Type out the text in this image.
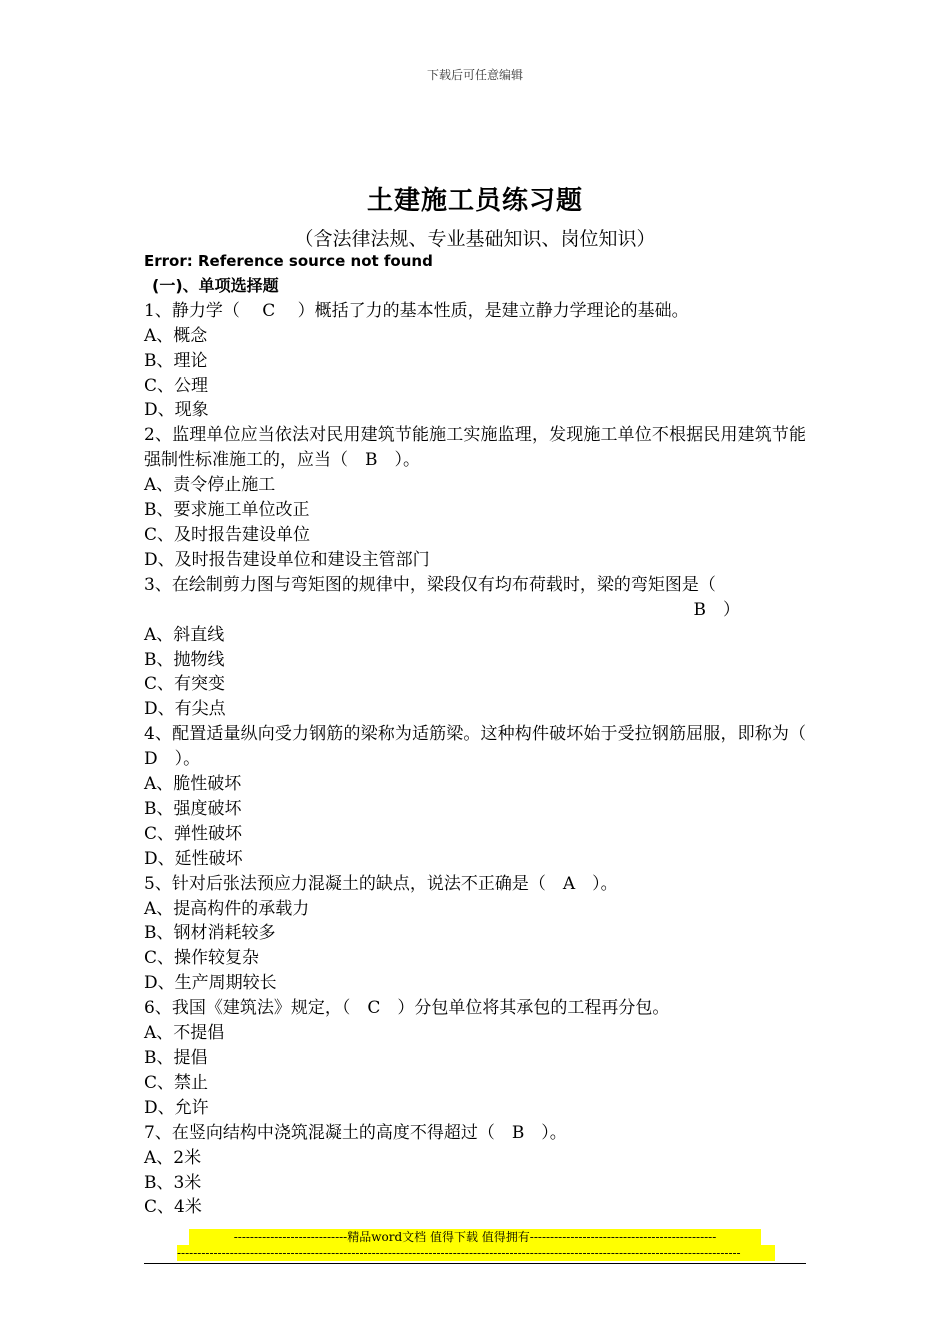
下载后可任意编辑
土建施工员练习题
（含法律法规、专业基础知识、岗位知识）
Error: Reference source not found
(一)、单项选择题
1、静力学（　 C　 ）概括了力的基本性质，是建立静力学理论的基础。
A、概念
B、理论
C、公理
D、现象
2、监理单位应当依法对民用建筑节能施工实施监理，发现施工单位不根据民用建筑节能强制性标准施工的，应当（　B　）。
A、责令停止施工
B、要求施工单位改正
C、及时报告建设单位
D、及时报告建设单位和建设主管部门
3、在绘制剪力图与弯矩图的规律中，梁段仅有均布荷载时，梁的弯矩图是（
B　）
A、斜直线
B、抛物线
C、有突变
D、有尖点
4、配置适量纵向受力钢筋的梁称为适筋梁。这种构件破坏始于受拉钢筋屈服，即称为（　D　）。
A、脆性破坏
B、强度破坏
C、弹性破坏
D、延性破坏
5、针对后张法预应力混凝土的缺点，说法不正确是（　A　）。
A、提高构件的承载力
B、钢材消耗较多
C、操作较复杂
D、生产周期较长
6、我国《建筑法》规定，（　C　）分包单位将其承包的工程再分包。
A、不提倡
B、提倡
C、禁止
D、允许
7、在竖向结构中浇筑混凝土的高度不得超过（　B　）。
A、2米
B、3米
C、4米
----------------------------精品word文档 值得下载 值得拥有----------------------------------------------
-------------------------------------------------------------------------------------------------------------------------------------------
